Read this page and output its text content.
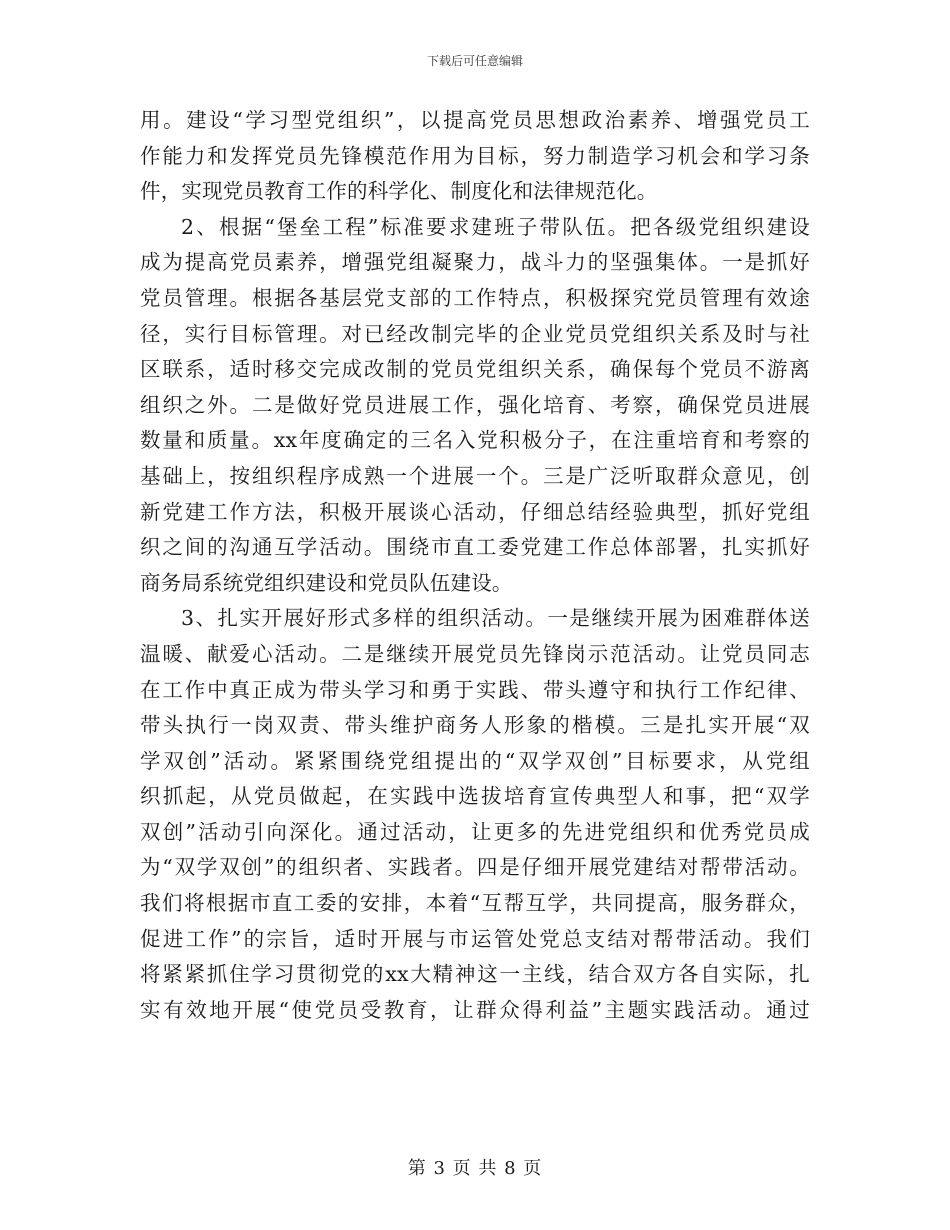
下载后可任意编辑
用。建设“学习型党组织”，以提高党员思想政治素养、增强党员工
作能力和发挥党员先锋模范作用为目标，努力制造学习机会和学习条
件，实现党员教育工作的科学化、制度化和法律规范化。
2、根据“堡垒工程”标准要求建班子带队伍。把各级党组织建设
成为提高党员素养，增强党组凝聚力，战斗力的坚强集体。一是抓好
党员管理。根据各基层党支部的工作特点，积极探究党员管理有效途
径，实行目标管理。对已经改制完毕的企业党员党组织关系及时与社
区联系，适时移交完成改制的党员党组织关系，确保每个党员不游离
组织之外。二是做好党员进展工作，强化培育、考察，确保党员进展
数量和质量。xx年度确定的三名入党积极分子，在注重培育和考察的
基础上，按组织程序成熟一个进展一个。三是广泛听取群众意见，创
新党建工作方法，积极开展谈心活动，仔细总结经验典型，抓好党组
织之间的沟通互学活动。围绕市直工委党建工作总体部署，扎实抓好
商务局系统党组织建设和党员队伍建设。
3、扎实开展好形式多样的组织活动。一是继续开展为困难群体送
温暖、献爱心活动。二是继续开展党员先锋岗示范活动。让党员同志
在工作中真正成为带头学习和勇于实践、带头遵守和执行工作纪律、
带头执行一岗双责、带头维护商务人形象的楷模。三是扎实开展“双
学双创”活动。紧紧围绕党组提出的“双学双创”目标要求，从党组
织抓起，从党员做起，在实践中选拔培育宣传典型人和事，把“双学
双创”活动引向深化。通过活动，让更多的先进党组织和优秀党员成
为“双学双创”的组织者、实践者。四是仔细开展党建结对帮带活动。
我们将根据市直工委的安排，本着“互帮互学，共同提高，服务群众，
促进工作”的宗旨，适时开展与市运管处党总支结对帮带活动。我们
将紧紧抓住学习贯彻党的xx大精神这一主线，结合双方各自实际，扎
实有效地开展“使党员受教育，让群众得利益”主题实践活动。通过
第 3 页 共 8 页
